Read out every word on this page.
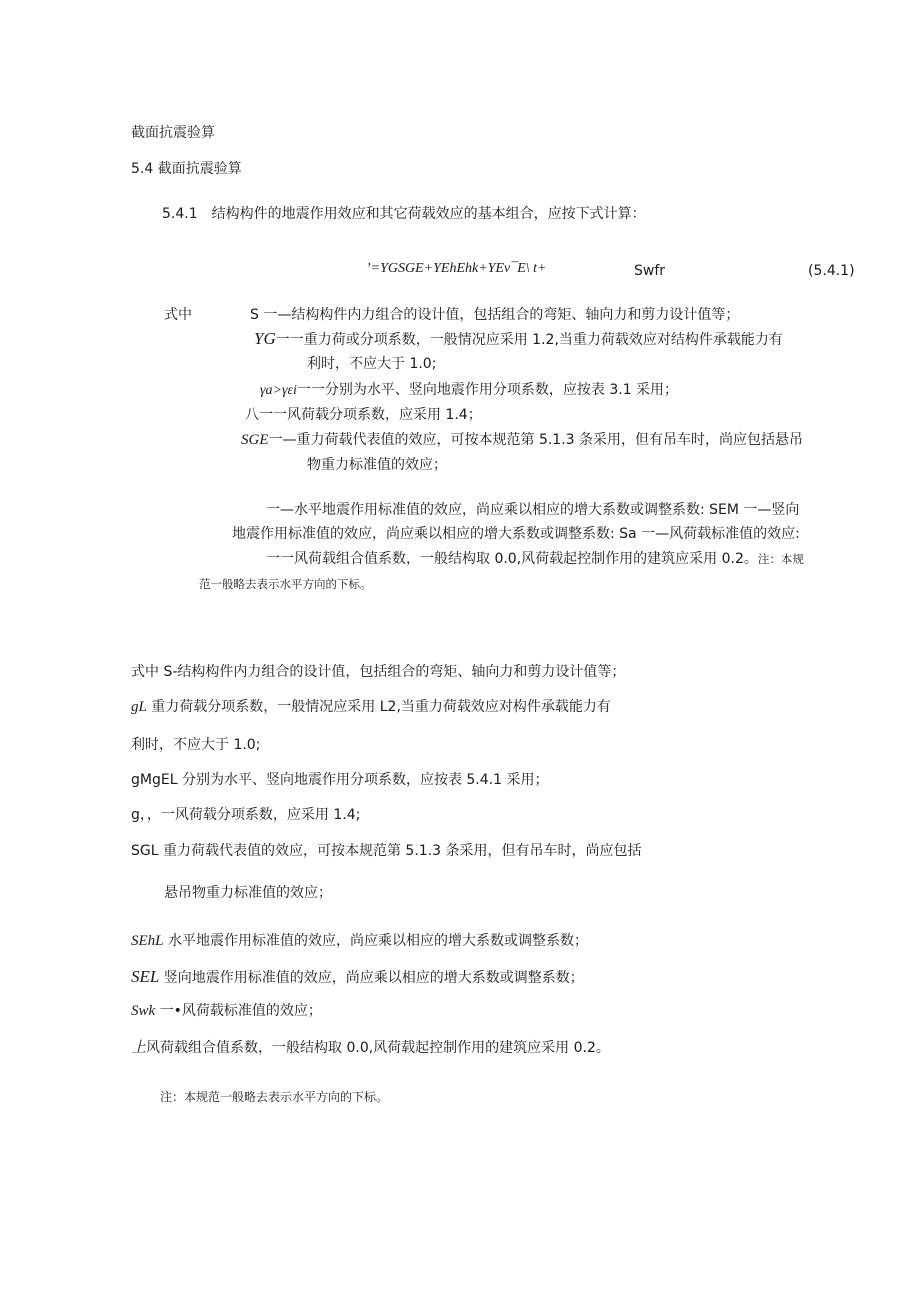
截面抗震验算
5.4 截面抗震验算
5.4.1　结构构件的地震作用效应和其它荷载效应的基本组合，应按下式计算：
’=YGSGE+YEhEhk+YEv¯E\ t+	Swfr	(5.4.1)
式中	S 一—结构构件内力组合的设计值，包括组合的弯矩、轴向力和剪力设计值等；
YG一一重力荷或分项系数，一般情况应采用 1.2,当重力荷载效应对结构件承载能力有
利时，不应大于 1.0;
γa>γεi一一分别为水平、竖向地震作用分项系数，应按表 3.1 采用；
八一一风荷载分项系数，应采用 1.4；
SGE一—重力荷载代表值的效应，可按本规范第 5.1.3 条采用，但有吊车时，尚应包括悬吊
物重力标准值的效应；
一—水平地震作用标准值的效应，尚应乘以相应的增大系数或调整系数: SEM 一—竖向
地震作用标准值的效应，尚应乘以相应的增大系数或调整系数: Sa 一—风荷载标准值的效应:
一一风荷载组合值系数，一般结构取 0.0,风荷载起控制作用的建筑应采用 0.2。注：本规
范一般略去表示水平方向的下标。
式中 S-结构构件内力组合的设计值，包括组合的弯矩、轴向力和剪力设计值等；
gL 重力荷载分项系数，一般情况应采用 L2,当重力荷载效应对构件承载能力有
利时，不应大于 1.0;
gMgEL 分别为水平、竖向地震作用分项系数，应按表 5.4.1 采用；
g，，一风荷载分项系数，应采用 1.4;
SGL 重力荷载代表值的效应，可按本规范第 5.1.3 条采用，但有吊车时，尚应包括
悬吊物重力标准值的效应；
SEhL 水平地震作用标准值的效应，尚应乘以相应的增大系数或调整系数；
SEL 竖向地震作用标准值的效应，尚应乘以相应的增大系数或调整系数；
Swk 一•风荷载标准值的效应；
上风荷载组合值系数，一般结构取 0.0,风荷载起控制作用的建筑应采用 0.2。
注：本规范一般略去表示水平方向的下标。
